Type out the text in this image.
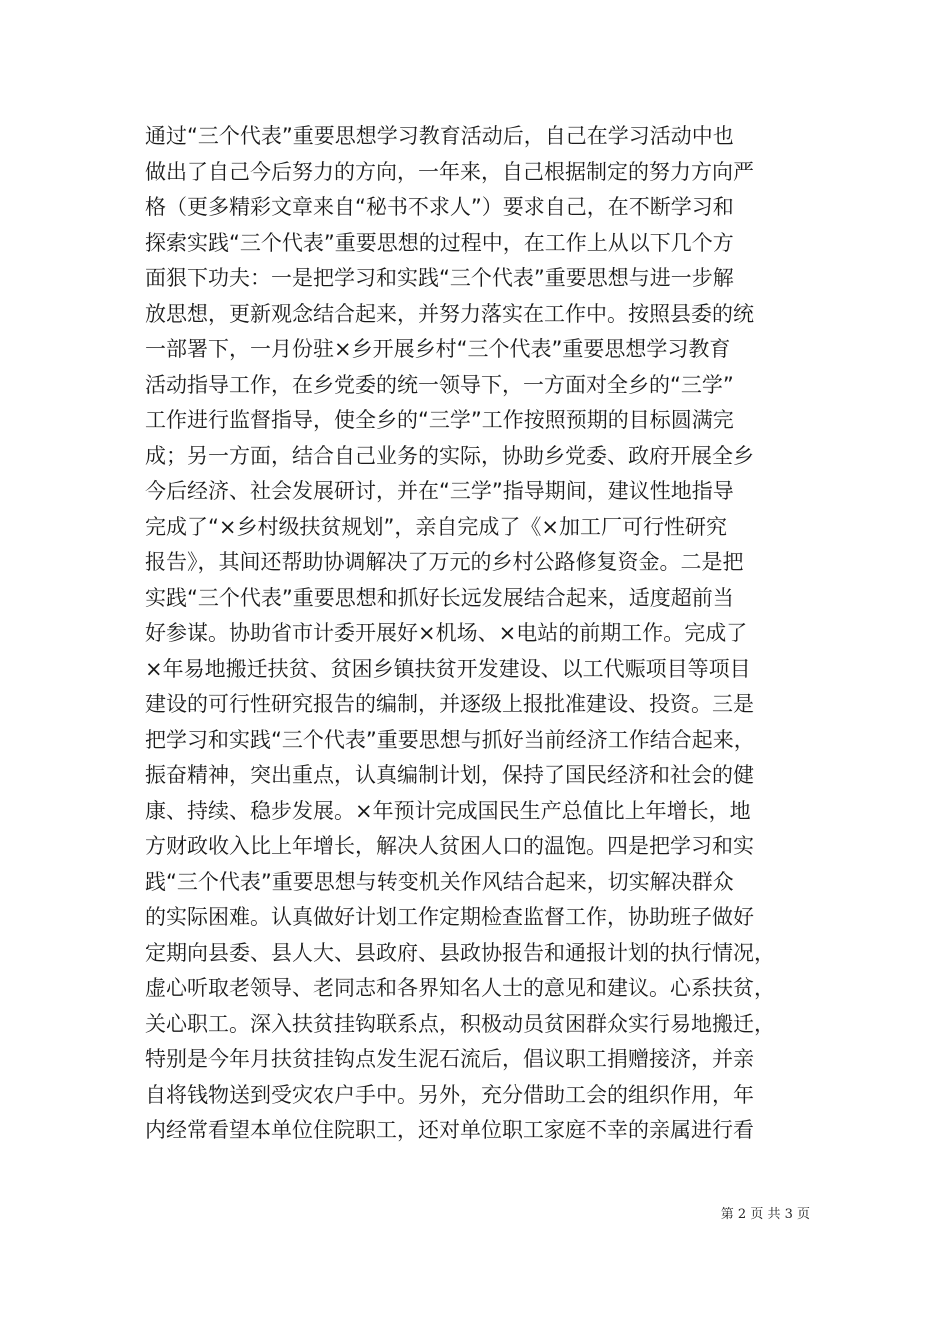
通过“三个代表”重要思想学习教育活动后，自己在学习活动中也
做出了自己今后努力的方向，一年来，自己根据制定的努力方向严
格（更多精彩文章来自“秘书不求人”）要求自己，在不断学习和
探索实践“三个代表”重要思想的过程中，在工作上从以下几个方
面狠下功夫：一是把学习和实践“三个代表”重要思想与进一步解
放思想，更新观念结合起来，并努力落实在工作中。按照县委的统
一部署下，一月份驻×乡开展乡村“三个代表”重要思想学习教育
活动指导工作，在乡党委的统一领导下，一方面对全乡的“三学”
工作进行监督指导，使全乡的“三学”工作按照预期的目标圆满完
成；另一方面，结合自己业务的实际，协助乡党委、政府开展全乡
今后经济、社会发展研讨，并在“三学”指导期间，建议性地指导
完成了“×乡村级扶贫规划”，亲自完成了《×加工厂可行性研究
报告》，其间还帮助协调解决了万元的乡村公路修复资金。二是把
实践“三个代表”重要思想和抓好长远发展结合起来，适度超前当
好参谋。协助省市计委开展好×机场、×电站的前期工作。完成了
×年易地搬迁扶贫、贫困乡镇扶贫开发建设、以工代赈项目等项目
建设的可行性研究报告的编制，并逐级上报批准建设、投资。三是
把学习和实践“三个代表”重要思想与抓好当前经济工作结合起来，
振奋精神，突出重点，认真编制计划，保持了国民经济和社会的健
康、持续、稳步发展。×年预计完成国民生产总值比上年增长，地
方财政收入比上年增长，解决人贫困人口的温饱。四是把学习和实
践“三个代表”重要思想与转变机关作风结合起来，切实解决群众
的实际困难。认真做好计划工作定期检查监督工作，协助班子做好
定期向县委、县人大、县政府、县政协报告和通报计划的执行情况，
虚心听取老领导、老同志和各界知名人士的意见和建议。心系扶贫，
关心职工。深入扶贫挂钩联系点，积极动员贫困群众实行易地搬迁，
特别是今年月扶贫挂钩点发生泥石流后，倡议职工捐赠接济，并亲
自将钱物送到受灾农户手中。另外，充分借助工会的组织作用，年
内经常看望本单位住院职工，还对单位职工家庭不幸的亲属进行看
第 2 页 共 3 页
